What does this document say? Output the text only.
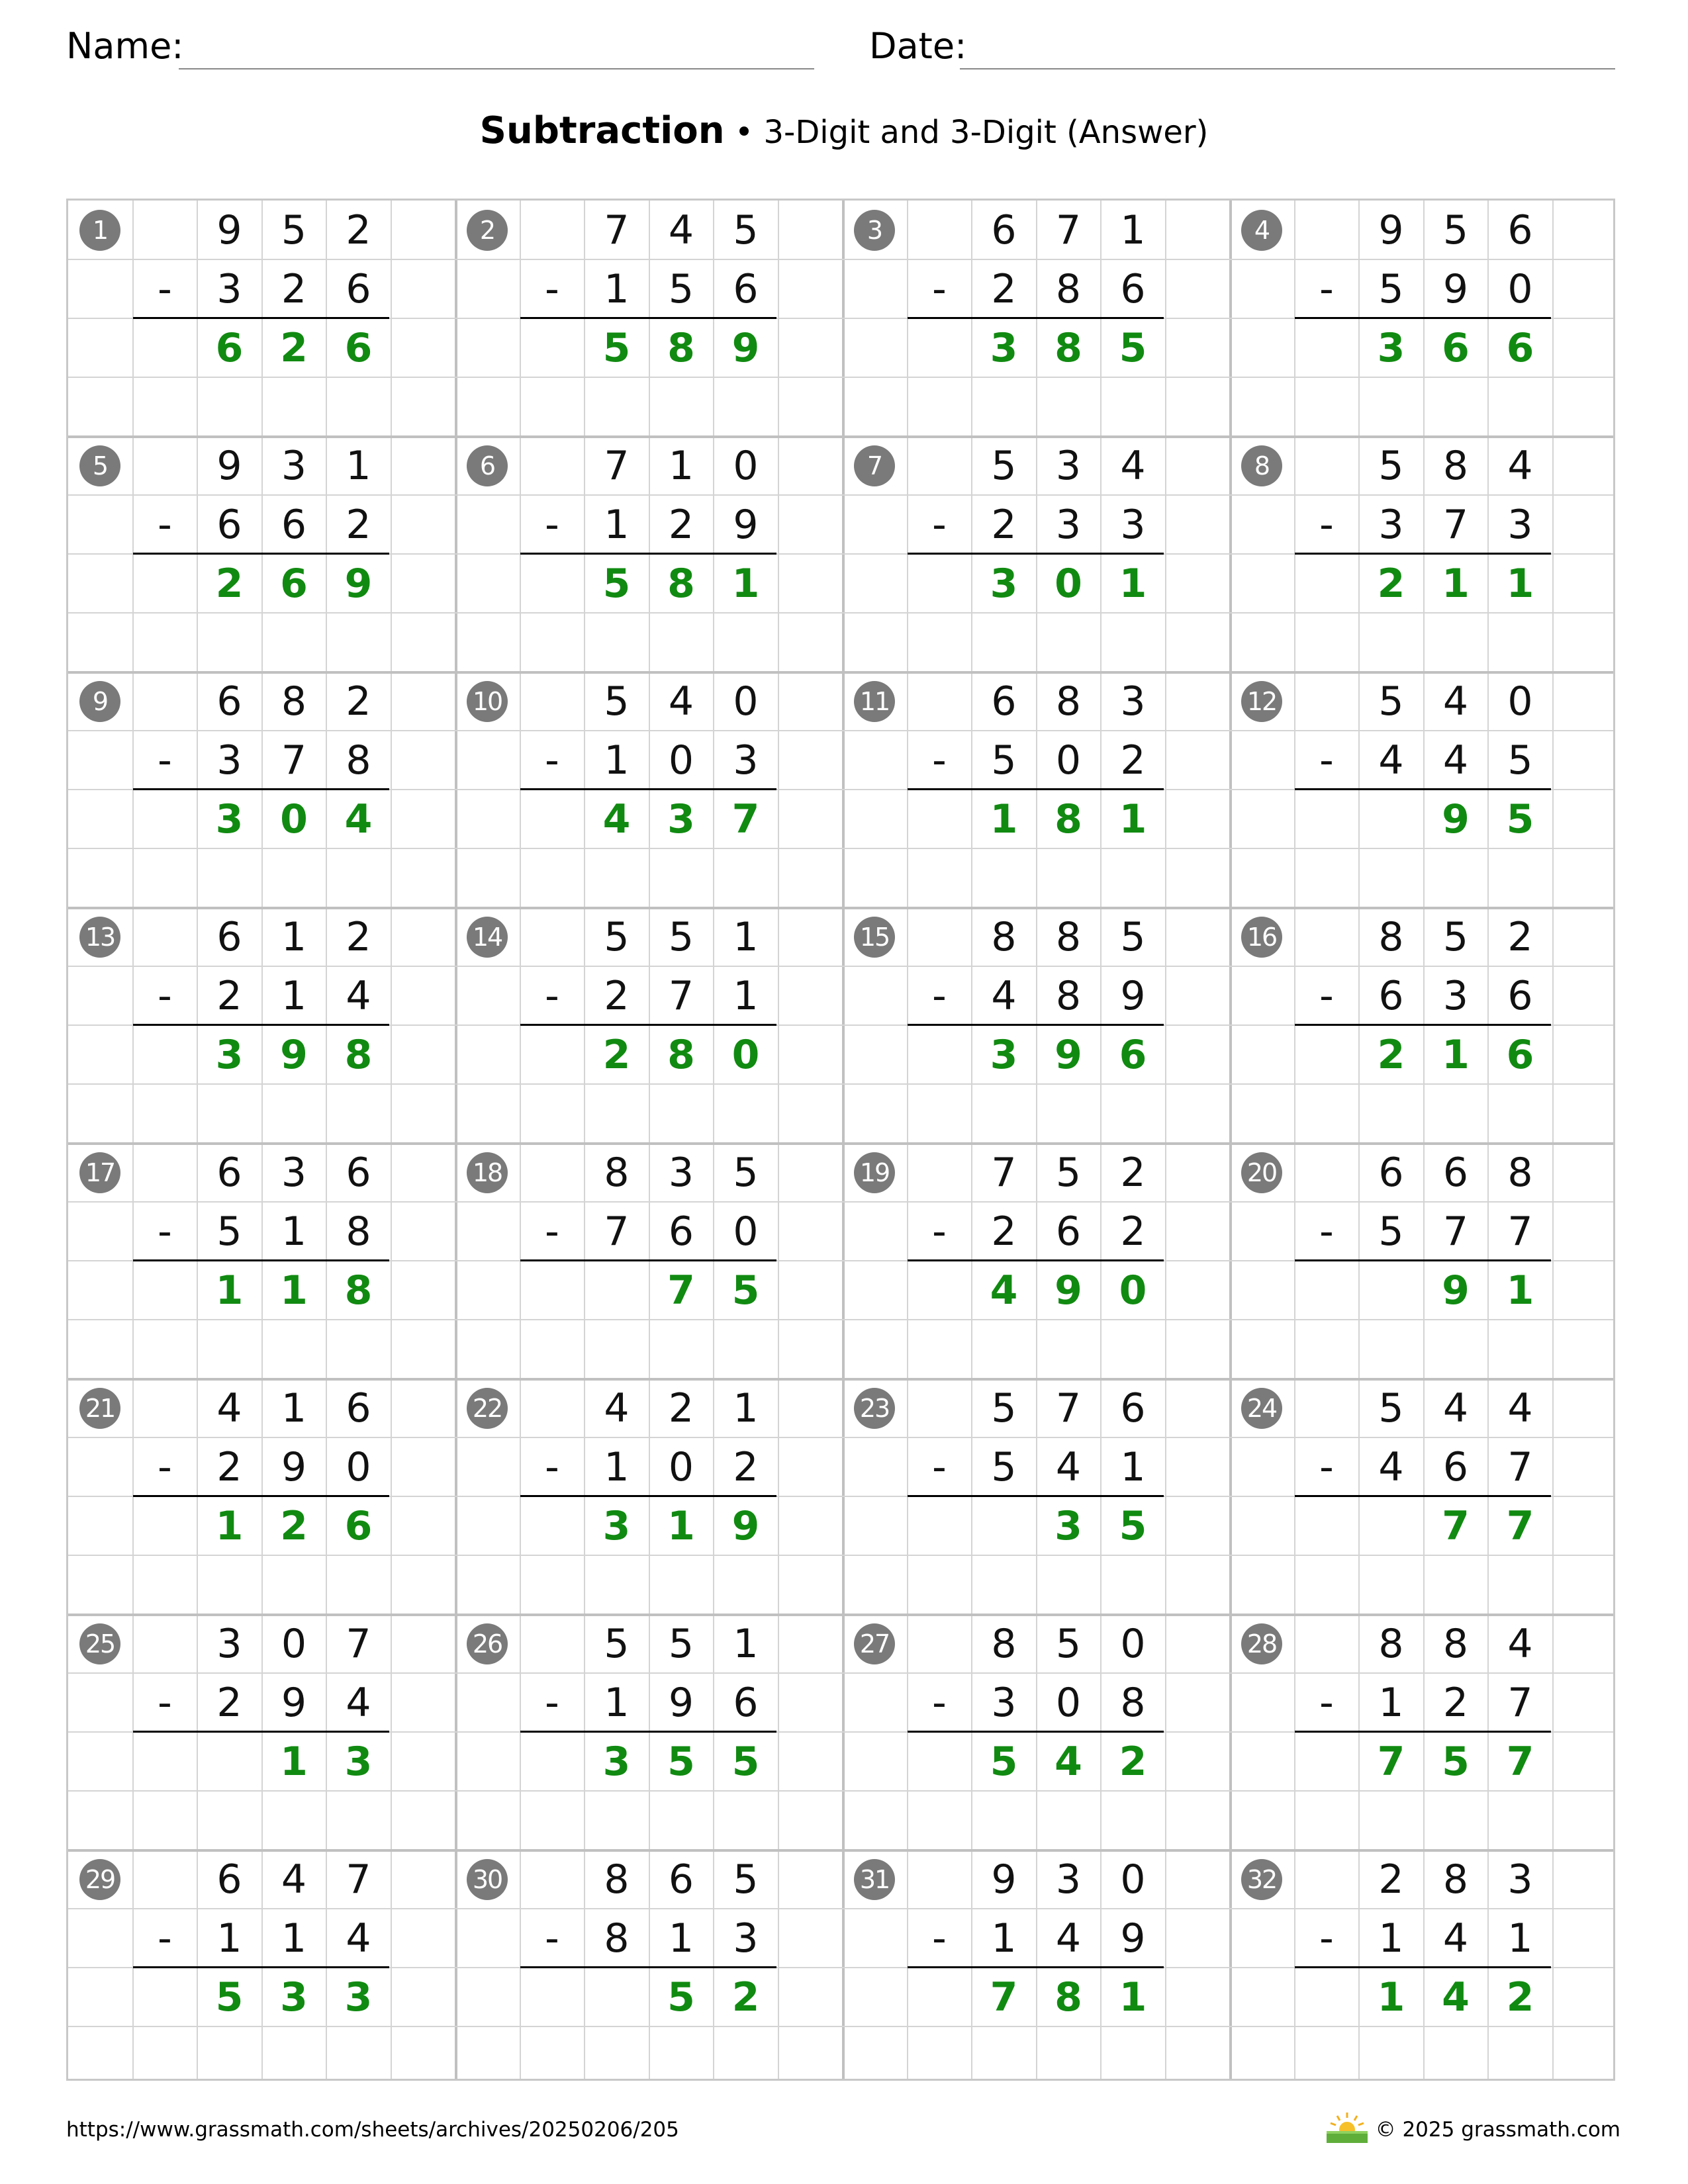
Name:	Date:
Subtraction • 3-Digit and 3-Digit (Answer)
1	9 5 2
-	3 2 6
6 2 6
2	7 4 5
-	1 5 6
5 8 9
3	6 7 1
-	2 8 6
3 8 5
4	9 5 6
-	5 9 0
3 6 6
5	9 3 1
-	6 6 2
2 6 9
6	7 1 0
-	1 2 9
5 8 1
7	5 3 4
-	2 3 3
3 0 1
8	5 8 4
-	3 7 3
2 1 1
9	6 8 2
-	3 7 8
3 0 4
10	5 4 0
-	1 0 3
4 3 7
11	6 8 3
-	5 0 2
1 8 1
12	5 4 0
-	4 4 5
9 5
13	6 1 2
-	2 1 4
3 9 8
14	5 5 1
-	2 7 1
2 8 0
15	8 8 5
-	4 8 9
3 9 6
16	8 5 2
-	6 3 6
2 1 6
17	6 3 6
-	5 1 8
1 1 8
18	8 3 5
-	7 6 0
7 5
19	7 5 2
-	2 6 2
4 9 0
20	6 6 8
-	5 7 7
9 1
21	4 1 6
-	2 9 0
1 2 6
22	4 2 1
-	1 0 2
3 1 9
23	5 7 6
-	5 4 1
3 5
24	5 4 4
-	4 6 7
7 7
25	3 0 7
-	2 9 4
1 3
26	5 5 1
-	1 9 6
3 5 5
27	8 5 0
-	3 0 8
5 4 2
28	8 8 4
-	1 2 7
7 5 7
29	6 4 7
-	1 1 4
5 3 3
30	8 6 5
-	8 1 3
5 2
31	9 3 0
-	1 4 9
7 8 1
32	2 8 3
-	1 4 1
1 4 2
https://www.grassmath.com/sheets/archives/20250206/205	© 2025 grassmath.com
